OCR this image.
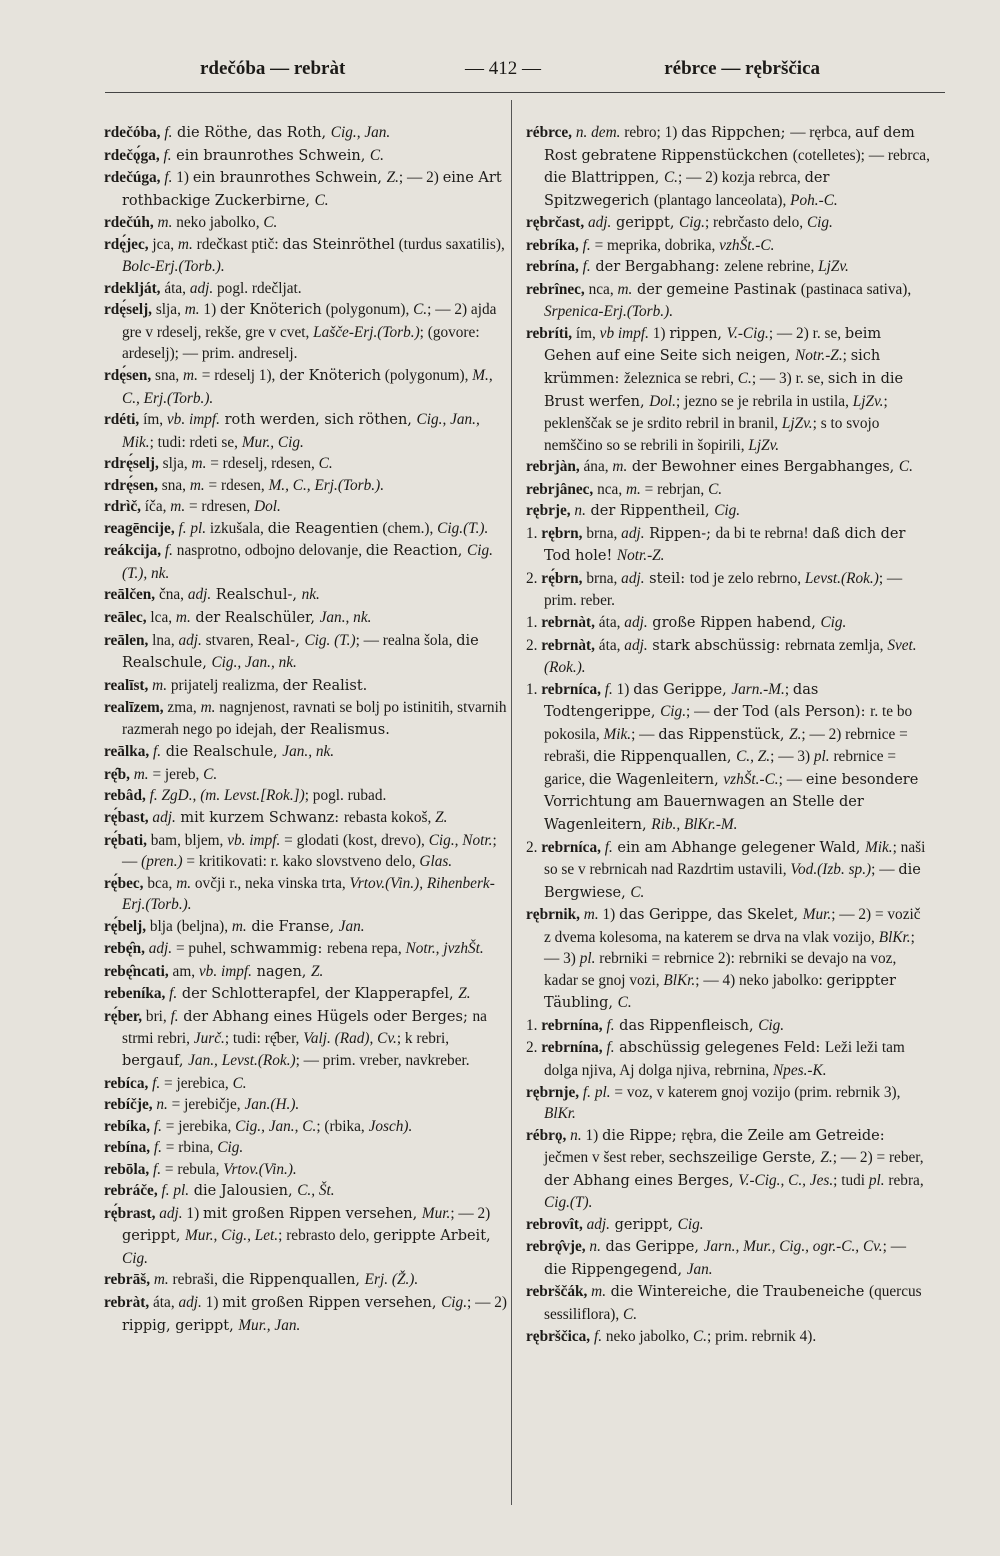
rdečóba — rebràt	— 412 —	rébrce — rębrščica

rdečóba, f. die Röthe, das Roth, Cig., Jan.

rdečǫ́ga, f. ein braunrothes Schwein, C.

rdečúga, f. 1) ein braunrothes Schwein, Z.; — 2) eine Art rothbackige Zuckerbirne, C.

rdečúh, m. neko jabolko, C.

rdę́jec, jca, m. rdečkast ptič: das Steinröthel (turdus saxatilis), Bolc-Erj.(Torb.).

rdeklját, áta, adj. pogl. rdečljat.

rdę́selj, slja, m. 1) der Knöterich (polygonum), C.; — 2) ajda gre v rdeselj, rekše, gre v cvet, Lašče-Erj.(Torb.); (govore: ardeselj); — prim. andreselj.

rdę́sen, sna, m. = rdeselj 1), der Knöterich (polygonum), M., C., Erj.(Torb.).

rdéti, ím, vb. impf. roth werden, sich röthen, Cig., Jan., Mik.; tudi: rdeti se, Mur., Cig.

rdrę́selj, slja, m. = rdeselj, rdesen, C.

rdrę́sen, sna, m. = rdesen, M., C., Erj.(Torb.).

rdrìč, íča, m. = rdresen, Dol.

reagēncije, f. pl. izkušala, die Reagentien (chem.), Cig.(T.).

reákcija, f. nasprotno, odbojno delovanje, die Reaction, Cig.(T.), nk.

reālčen, čna, adj. Realschul-, nk.

reālec, lca, m. der Realschüler, Jan., nk.

reālen, lna, adj. stvaren, Real-, Cig. (T.); — realna šola, die Realschule, Cig., Jan., nk.

realīst, m. prijatelj realizma, der Realist.

realīzem, zma, m. nagnjenost, ravnati se bolj po istinitih, stvarnih razmerah nego po idejah, der Realismus.

reālka, f. die Realschule, Jan., nk.

rę̑b, m. = jereb, C.

rebâd, f. ZgD., (m. Levst.[Rok.]); pogl. rubad.

rę́bast, adj. mit kurzem Schwanz: rebasta kokoš, Z.

rę́bati, bam, bljem, vb. impf. = glodati (kost, drevo), Cig., Notr.; — (pren.) = kritikovati: r. kako slovstveno delo, Glas.

rę́bec, bca, m. ovčji r., neka vinska trta, Vrtov.(Vin.), Rihenberk-Erj.(Torb.).

rę́belj, blja (beljna), m. die Franse, Jan.

rebę̑n, adj. = puhel, schwammig: rebena repa, Notr., jvzhŠt.

rebę̑ncati, am, vb. impf. nagen, Z.

rebeníka, f. der Schlotterapfel, der Klapperapfel, Z.

rę́ber, bri, f. der Abhang eines Hügels oder Berges; na strmi rebri, Jurč.; tudi: rę̑ber, Valj. (Rad), Cv.; k rebri, bergauf, Jan., Levst.(Rok.); — prim. vreber, navkreber.

rebíca, f. = jerebica, C.

rebíčje, n. = jerebičje, Jan.(H.).

rebíka, f. = jerebika, Cig., Jan., C.; (rbika, Josch).

rebína, f. = rbina, Cig.

rebōla, f. = rebula, Vrtov.(Vin.).

rebráče, f. pl. die Jalousien, C., Št.

rę́brast, adj. 1) mit großen Rippen versehen, Mur.; — 2) gerippt, Mur., Cig., Let.; rebrasto delo, gerippte Arbeit, Cig.

rebrāš, m. rebraši, die Rippenquallen, Erj. (Ž.).

rebràt, áta, adj. 1) mit großen Rippen versehen, Cig.; — 2) rippig, gerippt, Mur., Jan.

rébrce, n. dem. rebro; 1) das Rippchen; — ręrbca, auf dem Rost gebratene Rippenstückchen (cotelletes); — rebrca, die Blattrippen, C.; — 2) kozja rebrca, der Spitzwegerich (plantago lanceolata), Poh.-C.

rębrčast, adj. gerippt, Cig.; rebrčasto delo, Cig.

rebríka, f. = meprika, dobrika, vzhŠt.-C.

rebrína, f. der Bergabhang: zelene rebrine, LjZv.

rebrînec, nca, m. der gemeine Pastinak (pastinaca sativa), Srpenica-Erj.(Torb.).

rebríti, ím, vb impf. 1) rippen, V.-Cig.; — 2) r. se, beim Gehen auf eine Seite sich neigen, Notr.-Z.; sich krümmen: železnica se rebri, C.; — 3) r. se, sich in die Brust werfen, Dol.; jezno se je rebrila in ustila, LjZv.; peklenščak se je srdito rebril in branil, LjZv.; s to svojo nemščino so se rebrili in šopirili, LjZv.

rebrjàn, ána, m. der Bewohner eines Bergabhanges, C.

rebrjânec, nca, m. = rebrjan, C.

rębrje, n. der Rippentheil, Cig.

1. rębrn, brna, adj. Rippen-; da bi te rebrna! daß dich der Tod hole! Notr.-Z.

2. rę́brn, brna, adj. steil: tod je zelo rebrno, Levst.(Rok.); — prim. reber.

1. rebrnàt, áta, adj. große Rippen habend, Cig.

2. rebrnàt, áta, adj. stark abschüssig: rebrnata zemlja, Svet.(Rok.).

1. rebrníca, f. 1) das Gerippe, Jarn.-M.; das Todtengerippe, Cig.; — der Tod (als Person): r. te bo pokosila, Mik.; — das Rippenstück, Z.; — 2) rebrnice = rebraši, die Rippenquallen, C., Z.; — 3) pl. rebrnice = garice, die Wagenleitern, vzhŠt.-C.; — eine besondere Vorrichtung am Bauernwagen an Stelle der Wagenleitern, Rib., BlKr.-M.

2. rebrníca, f. ein am Abhange gelegener Wald, Mik.; naši so se v rebrnicah nad Razdrtim ustavili, Vod.(Izb. sp.); — die Bergwiese, C.

rębrnik, m. 1) das Gerippe, das Skelet, Mur.; — 2) = vozič z dvema kolesoma, na katerem se drva na vlak vozijo, BlKr.; — 3) pl. rebrniki = rebrnice 2): rebrniki se devajo na voz, kadar se gnoj vozi, BlKr.; — 4) neko jabolko: gerippter Täubling, C.

1. rebrnína, f. das Rippenfleisch, Cig.

2. rebrnína, f. abschüssig gelegenes Feld: Leži leži tam dolga njiva, Aj dolga njiva, rebrnina, Npes.-K.

rębrnje, f. pl. = voz, v katerem gnoj vozijo (prim. rebrnik 3), BlKr.

rébrǫ, n. 1) die Rippe; rębra, die Zeile am Getreide: ječmen v šest reber, sechszeilige Gerste, Z.; — 2) = reber, der Abhang eines Berges, V.-Cig., C., Jes.; tudi pl. rebra, Cig.(T).

rebrovît, adj. gerippt, Cig.

rebrǫ̂vje, n. das Gerippe, Jarn., Mur., Cig., ogr.-C., Cv.; — die Rippengegend, Jan.

rebrščák, m. die Wintereiche, die Traubeneiche (quercus sessiliflora), C.

rębrščica, f. neko jabolko, C.; prim. rebrnik 4).
